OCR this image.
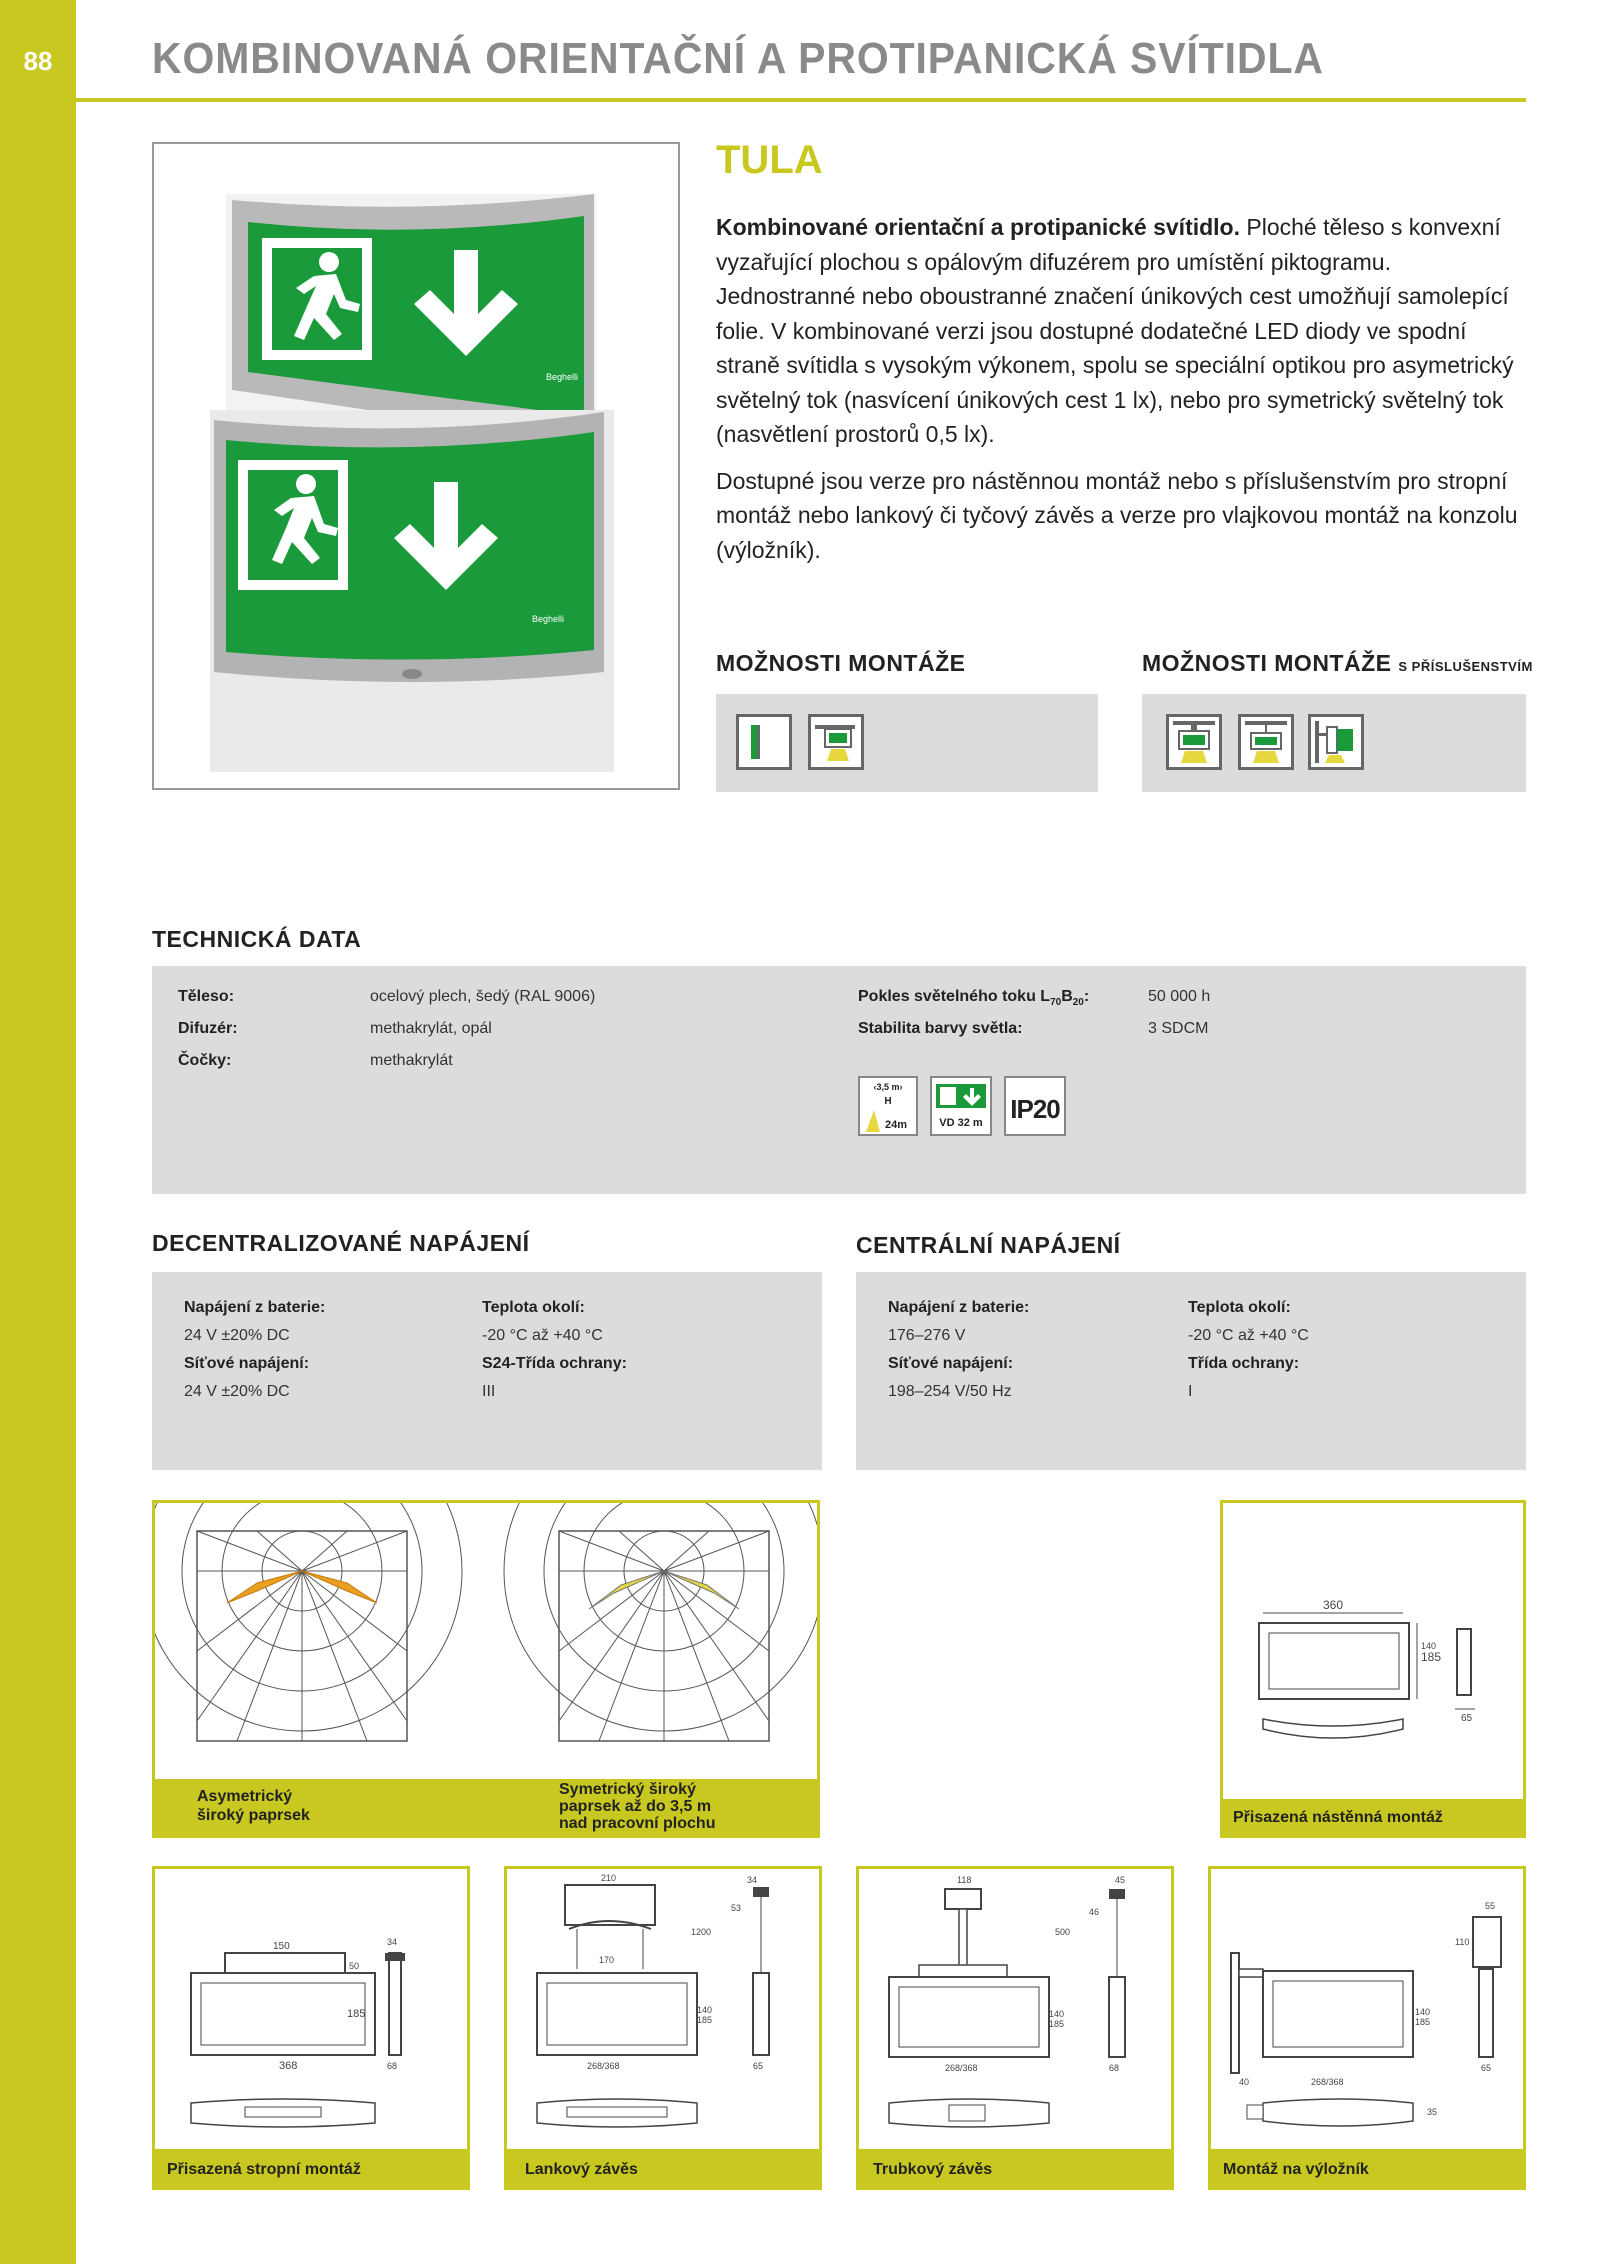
88	KOMBINOVANÁ ORIENTAČNÍ A PROTIPANICKÁ SVÍTIDLA
Beghelli
Beghelli
TULA

Kombinované orientační a protipanické svítidlo. Ploché těleso s konvexní vyzařující plochou s opálovým difuzérem pro umístění piktogramu. Jednostranné nebo oboustranné značení únikových cest umožňují samolepící folie. V kombinované verzi jsou dostupné dodatečné LED diody ve spodní straně svítidla s vysokým výkonem, spolu se speciální optikou pro asymetrický světelný tok (nasvícení únikových cest 1 lx), nebo pro symetrický světelný tok (nasvětlení prostorů 0,5 lx).

Dostupné jsou verze pro nástěnnou montáž nebo s příslušenstvím pro stropní montáž nebo lankový či tyčový závěs a verze pro vlajkovou montáž na konzolu (výložník).

MOŽNOSTI MONTÁŽE	MOŽNOSTI MONTÁŽE S PŘÍSLUŠENSTVÍM
TECHNICKÁ DATA
Těleso:	ocelový plech, šedý (RAL 9006)
Difuzér:	methakrylát, opál
Čočky:	methakrylát
Pokles světelného toku $L_{70}B_{20}$:	50 000 h
Stabilita barvy světla:	3 SDCM
‹3,5 m›
H
24m	VD 32 m IP20
DECENTRALIZOVANÉ NAPÁJENÍ
Napájení z baterie:
24 V ±20% DC
Teplota okolí:
-20 °C až +40 °C
Síťové napájení:
24 V ±20% DC
S24-Třída ochrany:
III
CENTRÁLNÍ NAPÁJENÍ
Napájení z baterie:
176–276 V
Teplota okolí:
-20 °C až +40 °C
Síťové napájení:
198–254 V/50 Hz
Třída ochrany:
I
Asymetrický
široký paprsek
Symetrický široký
paprsek až do 3,5 m
nad pracovní plochu
360
185
140
65
Přisazená nástěnná montáž
150
368
50
185
34
68
Přisazená stropní montáž
210
170
1200
140
185
268/368
34
53
65
Lankový závěs
118
500
140
185
268/368
45
46
68
Trubkový závěs
40	268/368
140
185
55
110
65
35
Montáž na výložník
